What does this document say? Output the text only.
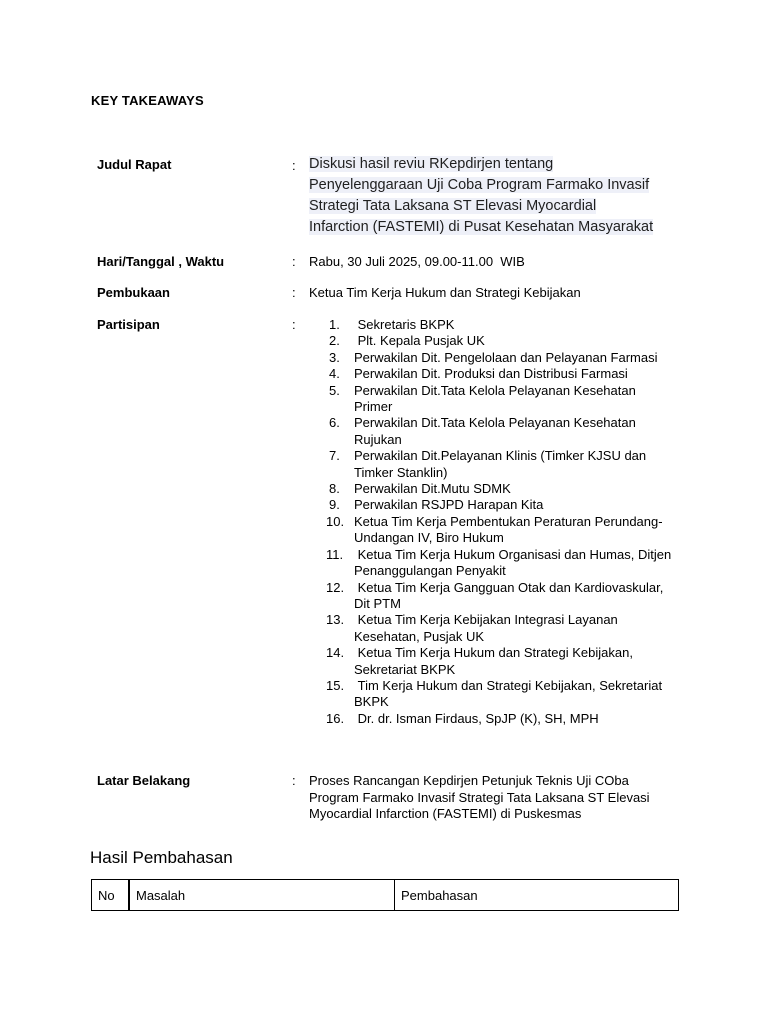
KEY TAKEAWAYS
Judul Rapat	: Diskusi hasil reviu RKepdirjen tentang
Penyelenggaraan Uji Coba Program Farmako Invasif
Strategi Tata Laksana ST Elevasi Myocardial
Infarction (FASTEMI) di Pusat Kesehatan Masyarakat
Hari/Tanggal , Waktu	: Rabu, 30 Juli 2025, 09.00-11.00  WIB
Pembukaan	: Ketua Tim Kerja Hukum dan Strategi Kebijakan
Partisipan	:	1. Sekretaris BKPK
2. Plt. Kepala Pusjak UK
3. Perwakilan Dit. Pengelolaan dan Pelayanan Farmasi
4. Perwakilan Dit. Produksi dan Distribusi Farmasi
5. Perwakilan Dit.Tata Kelola Pelayanan Kesehatan Primer
6. Perwakilan Dit.Tata Kelola Pelayanan Kesehatan Rujukan
7. Perwakilan Dit.Pelayanan Klinis (Timker KJSU dan Timker Stanklin)
8. Perwakilan Dit.Mutu SDMK
9. Perwakilan RSJPD Harapan Kita
10. Ketua Tim Kerja Pembentukan Peraturan Perundang-Undangan IV, Biro Hukum
11. Ketua Tim Kerja Hukum Organisasi dan Humas, Ditjen Penanggulangan Penyakit
12. Ketua Tim Kerja Gangguan Otak dan Kardiovaskular, Dit PTM
13. Ketua Tim Kerja Kebijakan Integrasi Layanan Kesehatan, Pusjak UK
14. Ketua Tim Kerja Hukum dan Strategi Kebijakan, Sekretariat BKPK
15. Tim Kerja Hukum dan Strategi Kebijakan, Sekretariat BKPK
16. Dr. dr. Isman Firdaus, SpJP (K), SH, MPH
Latar Belakang	: Proses Rancangan Kepdirjen Petunjuk Teknis Uji COba Program Farmako Invasif Strategi Tata Laksana ST Elevasi Myocardial Infarction (FASTEMI) di Puskesmas
Hasil Pembahasan
No	Masalah	Pembahasan
